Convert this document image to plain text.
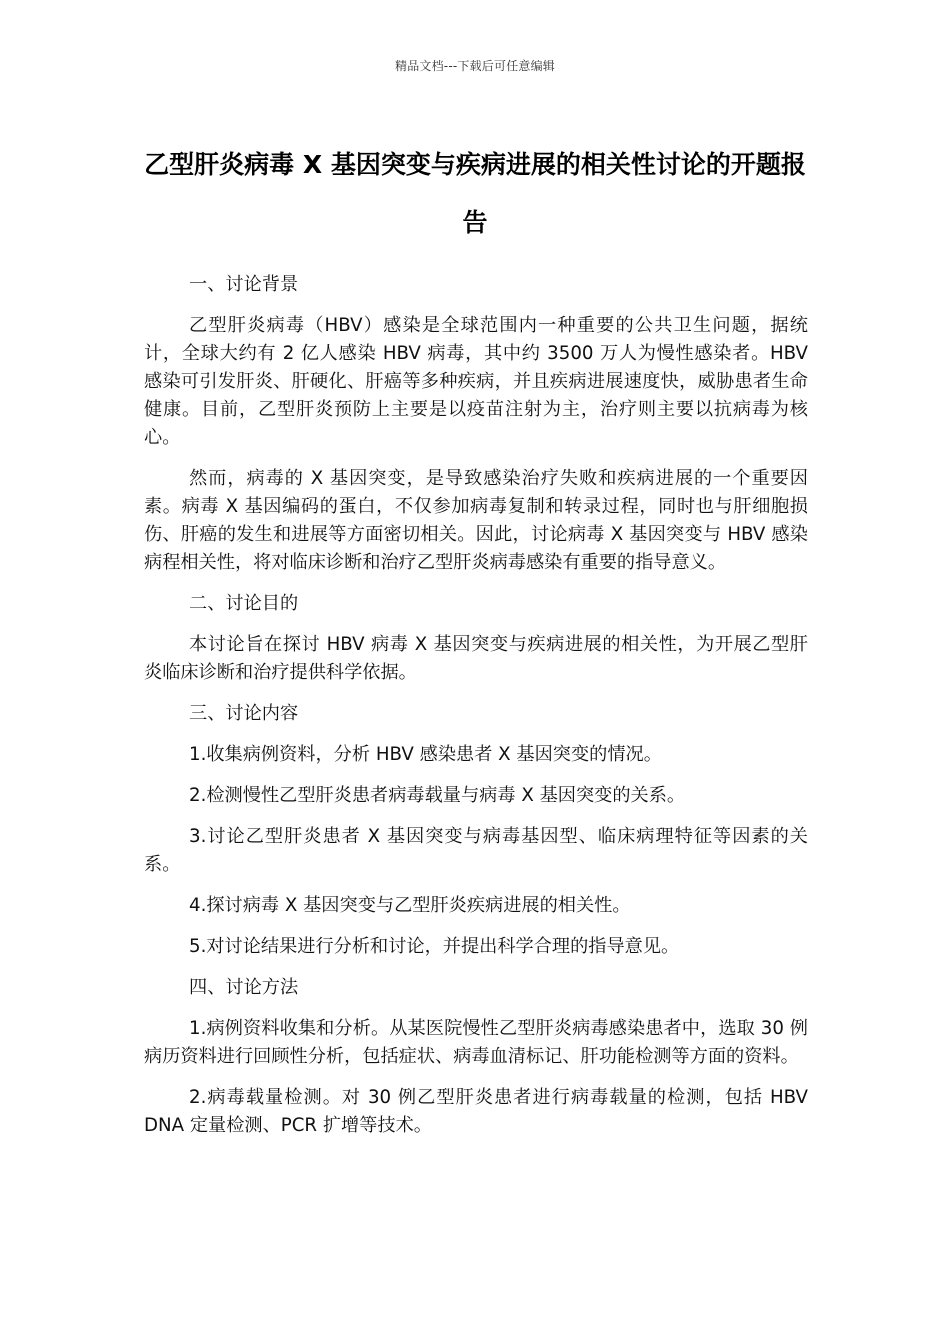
精品文档---下载后可任意编辑
乙型肝炎病毒 X 基因突变与疾病进展的相关性讨论的开题报告

一、讨论背景

乙型肝炎病毒（HBV）感染是全球范围内一种重要的公共卫生问题，据统计，全球大约有 2 亿人感染 HBV 病毒，其中约 3500 万人为慢性感染者。HBV 感染可引发肝炎、肝硬化、肝癌等多种疾病，并且疾病进展速度快，威胁患者生命健康。目前，乙型肝炎预防上主要是以疫苗注射为主，治疗则主要以抗病毒为核心。

然而，病毒的 X 基因突变，是导致感染治疗失败和疾病进展的一个重要因素。病毒 X 基因编码的蛋白，不仅参加病毒复制和转录过程，同时也与肝细胞损伤、肝癌的发生和进展等方面密切相关。因此，讨论病毒 X 基因突变与 HBV 感染病程相关性，将对临床诊断和治疗乙型肝炎病毒感染有重要的指导意义。

二、讨论目的

本讨论旨在探讨 HBV 病毒 X 基因突变与疾病进展的相关性，为开展乙型肝炎临床诊断和治疗提供科学依据。

三、讨论内容

1.收集病例资料，分析 HBV 感染患者 X 基因突变的情况。

2.检测慢性乙型肝炎患者病毒载量与病毒 X 基因突变的关系。

3.讨论乙型肝炎患者 X 基因突变与病毒基因型、临床病理特征等因素的关系。

4.探讨病毒 X 基因突变与乙型肝炎疾病进展的相关性。

5.对讨论结果进行分析和讨论，并提出科学合理的指导意见。

四、讨论方法

1.病例资料收集和分析。从某医院慢性乙型肝炎病毒感染患者中，选取 30 例病历资料进行回顾性分析，包括症状、病毒血清标记、肝功能检测等方面的资料。

2.病毒载量检测。对 30 例乙型肝炎患者进行病毒载量的检测，包括 HBV DNA 定量检测、PCR 扩增等技术。
